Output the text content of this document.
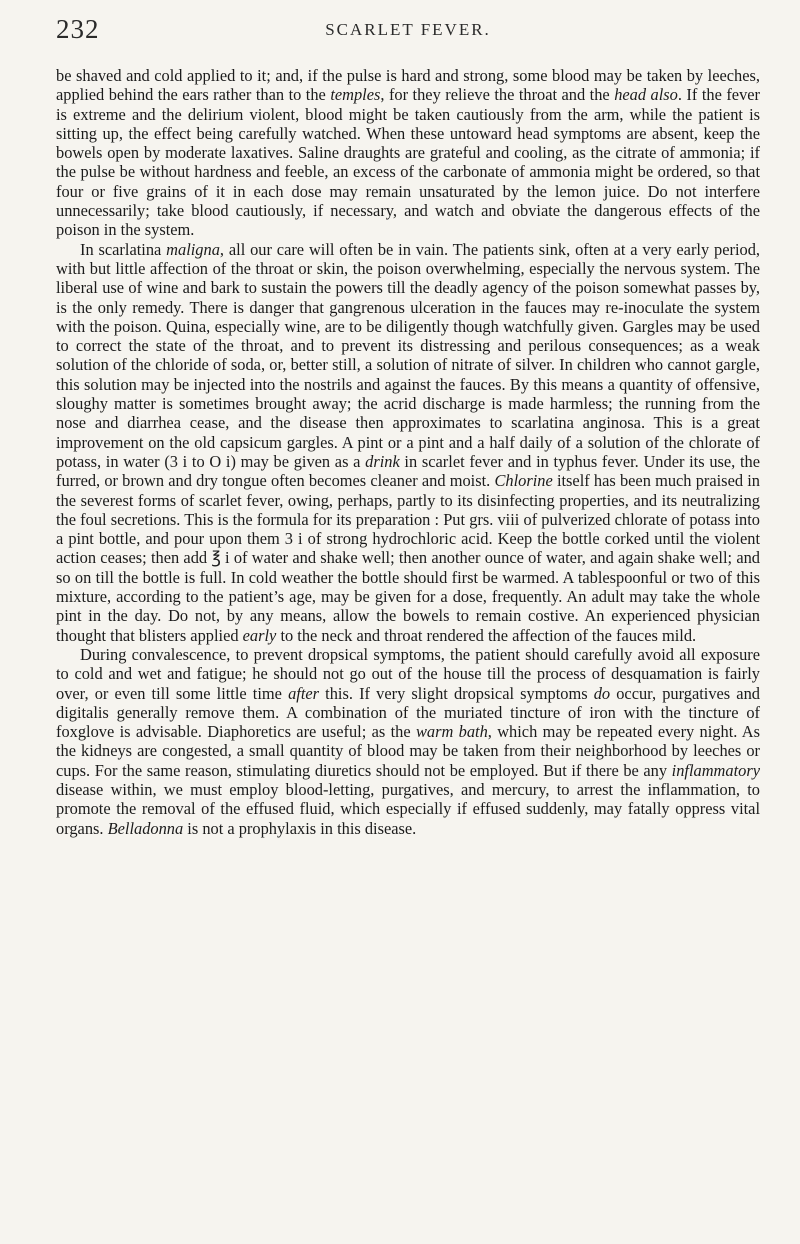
232	SCARLET FEVER.

be shaved and cold applied to it; and, if the pulse is hard and strong, some blood may be taken by leeches, applied behind the ears rather than to the temples, for they relieve the throat and the head also. If the fever is extreme and the delirium violent, blood might be taken cautiously from the arm, while the patient is sitting up, the effect being carefully watched. When these untoward head symptoms are absent, keep the bowels open by moderate laxatives. Saline draughts are grateful and cooling, as the citrate of ammonia; if the pulse be without hardness and feeble, an excess of the carbonate of ammonia might be ordered, so that four or five grains of it in each dose may remain unsaturated by the lemon juice. Do not interfere unnecessarily; take blood cautiously, if necessary, and watch and obviate the dangerous effects of the poison in the system.

In scarlatina maligna, all our care will often be in vain. The patients sink, often at a very early period, with but little affection of the throat or skin, the poison overwhelming, especially the nervous system. The liberal use of wine and bark to sustain the powers till the deadly agency of the poison somewhat passes by, is the only remedy. There is danger that gangrenous ulceration in the fauces may re-inoculate the system with the poison. Quina, especially wine, are to be diligently though watchfully given. Gargles may be used to correct the state of the throat, and to prevent its distressing and perilous consequences; as a weak solution of the chloride of soda, or, better still, a solution of nitrate of silver. In children who cannot gargle, this solution may be injected into the nostrils and against the fauces. By this means a quantity of offensive, sloughy matter is sometimes brought away; the acrid discharge is made harmless; the running from the nose and diarrhea cease, and the disease then approximates to scarlatina anginosa. This is a great improvement on the old capsicum gargles. A pint or a pint and a half daily of a solution of the chlorate of potass, in water (3 i to O i) may be given as a drink in scarlet fever and in typhus fever. Under its use, the furred, or brown and dry tongue often becomes cleaner and moist. Chlorine itself has been much praised in the severest forms of scarlet fever, owing, perhaps, partly to its disinfecting properties, and its neutralizing the foul secretions. This is the formula for its preparation : Put grs. viii of pulverized chlorate of potass into a pint bottle, and pour upon them 3 i of strong hydrochloric acid. Keep the bottle corked until the violent action ceases; then add ℥ i of water and shake well; then another ounce of water, and again shake well; and so on till the bottle is full. In cold weather the bottle should first be warmed. A tablespoonful or two of this mixture, according to the patient’s age, may be given for a dose, frequently. An adult may take the whole pint in the day. Do not, by any means, allow the bowels to remain costive. An experienced physician thought that blisters applied early to the neck and throat rendered the affection of the fauces mild.

During convalescence, to prevent dropsical symptoms, the patient should carefully avoid all exposure to cold and wet and fatigue; he should not go out of the house till the process of desquamation is fairly over, or even till some little time after this. If very slight dropsical symptoms do occur, purgatives and digitalis generally remove them. A combination of the muriated tincture of iron with the tincture of foxglove is advisable. Diaphoretics are useful; as the warm bath, which may be repeated every night. As the kidneys are congested, a small quantity of blood may be taken from their neighborhood by leeches or cups. For the same reason, stimulating diuretics should not be employed. But if there be any inflammatory disease within, we must employ blood-letting, purgatives, and mercury, to arrest the inflammation, to promote the removal of the effused fluid, which especially if effused suddenly, may fatally oppress vital organs. Belladonna is not a prophylaxis in this disease.
